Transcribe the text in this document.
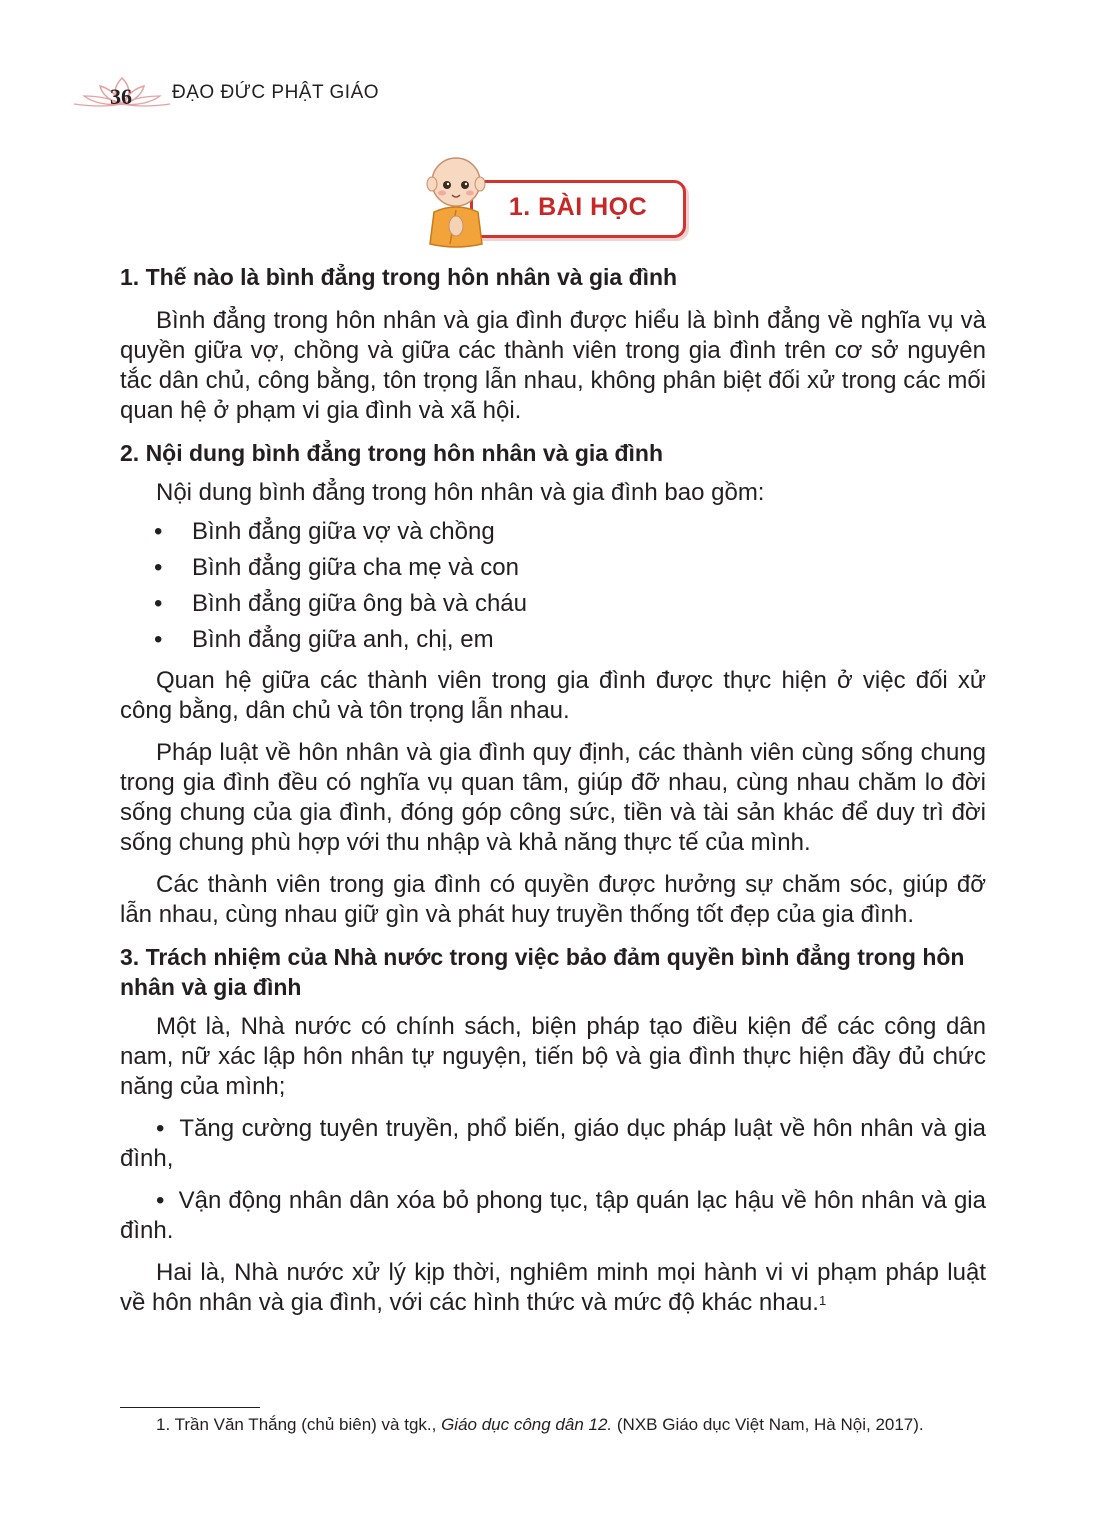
36 ĐẠO ĐỨC PHẬT GIÁO
1. BÀI HỌC
1. Thế nào là bình đẳng trong hôn nhân và gia đình

Bình đẳng trong hôn nhân và gia đình được hiểu là bình đẳng về nghĩa vụ và quyền giữa vợ, chồng và giữa các thành viên trong gia đình trên cơ sở nguyên tắc dân chủ, công bằng, tôn trọng lẫn nhau, không phân biệt đối xử trong các mối quan hệ ở phạm vi gia đình và xã hội.

2. Nội dung bình đẳng trong hôn nhân và gia đình

Nội dung bình đẳng trong hôn nhân và gia đình bao gồm:

• Bình đẳng giữa vợ và chồng
• Bình đẳng giữa cha mẹ và con
• Bình đẳng giữa ông bà và cháu
• Bình đẳng giữa anh, chị, em

Quan hệ giữa các thành viên trong gia đình được thực hiện ở việc đối xử công bằng, dân chủ và tôn trọng lẫn nhau.

Pháp luật về hôn nhân và gia đình quy định, các thành viên cùng sống chung trong gia đình đều có nghĩa vụ quan tâm, giúp đỡ nhau, cùng nhau chăm lo đời sống chung của gia đình, đóng góp công sức, tiền và tài sản khác để duy trì đời sống chung phù hợp với thu nhập và khả năng thực tế của mình.

Các thành viên trong gia đình có quyền được hưởng sự chăm sóc, giúp đỡ lẫn nhau, cùng nhau giữ gìn và phát huy truyền thống tốt đẹp của gia đình.

3. Trách nhiệm của Nhà nước trong việc bảo đảm quyền bình đẳng trong hôn nhân và gia đình

Một là, Nhà nước có chính sách, biện pháp tạo điều kiện để các công dân nam, nữ xác lập hôn nhân tự nguyện, tiến bộ và gia đình thực hiện đầy đủ chức năng của mình;

• Tăng cường tuyên truyền, phổ biến, giáo dục pháp luật về hôn nhân và gia đình,

• Vận động nhân dân xóa bỏ phong tục, tập quán lạc hậu về hôn nhân và gia đình.

Hai là, Nhà nước xử lý kịp thời, nghiêm minh mọi hành vi vi phạm pháp luật về hôn nhân và gia đình, với các hình thức và mức độ khác nhau.$^1$

1. Trần Văn Thắng (chủ biên) và tgk., Giáo dục công dân 12. (NXB Giáo dục Việt Nam, Hà Nội, 2017).
